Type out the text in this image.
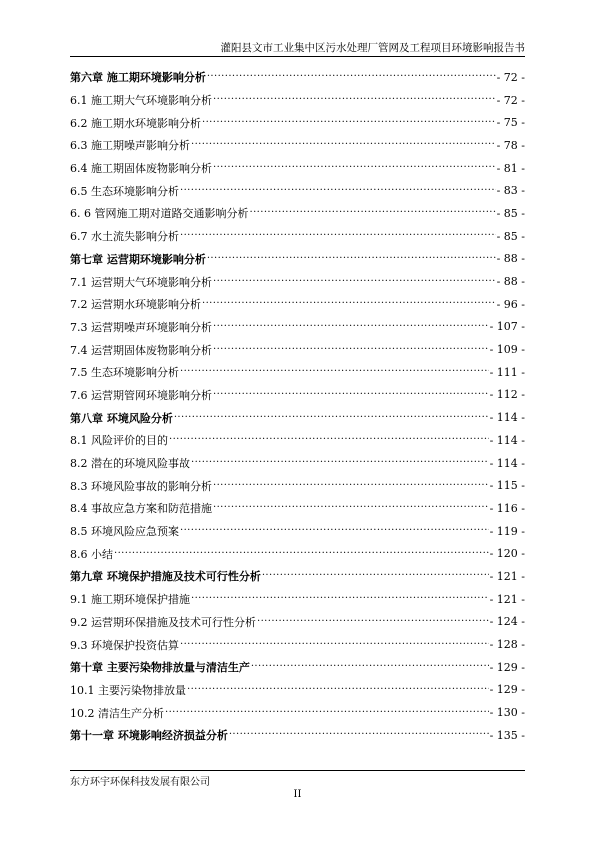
灌阳县文市工业集中区污水处理厂管网及工程项目环境影响报告书
第六章 施工期环境影响分析 .....	- 72 -
6.1 施工期大气环境影响分析 .....	- 72 -
6.2 施工期水环境影响分析 .....	- 75 -
6.3 施工期噪声影响分析 .....	- 78 -
6.4 施工期固体废物影响分析 .....	- 81 -
6.5 生态环境影响分析 .....	- 83 -
6. 6 管网施工期对道路交通影响分析 .....	- 85 -
6.7 水土流失影响分析 .....	- 85 -
第七章 运营期环境影响分析 .....	- 88 -
7.1 运营期大气环境影响分析 .....	- 88 -
7.2 运营期水环境影响分析 .....	- 96 -
7.3 运营期噪声环境影响分析 .....	- 107 -
7.4 运营期固体废物影响分析 .....	- 109 -
7.5 生态环境影响分析 .....	- 111 -
7.6 运营期管网环境影响分析 .....	- 112 -
第八章 环境风险分析 .....	- 114 -
8.1 风险评价的目的 .....	- 114 -
8.2 潜在的环境风险事故 .....	- 114 -
8.3 环境风险事故的影响分析 .....	- 115 -
8.4 事故应急方案和防范措施 .....	- 116 -
8.5 环境风险应急预案 .....	- 119 -
8.6 小结 .....	- 120 -
第九章 环境保护措施及技术可行性分析 .....	- 121 -
9.1 施工期环境保护措施 .....	- 121 -
9.2 运营期环保措施及技术可行性分析 .....	- 124 -
9.3 环境保护投资估算 .....	- 128 -
第十章 主要污染物排放量与清洁生产 .....	- 129 -
10.1 主要污染物排放量 .....	- 129 -
10.2 清洁生产分析 .....	- 130 -
第十一章 环境影响经济损益分析 .....	- 135 -
东方环宇环保科技发展有限公司
II
